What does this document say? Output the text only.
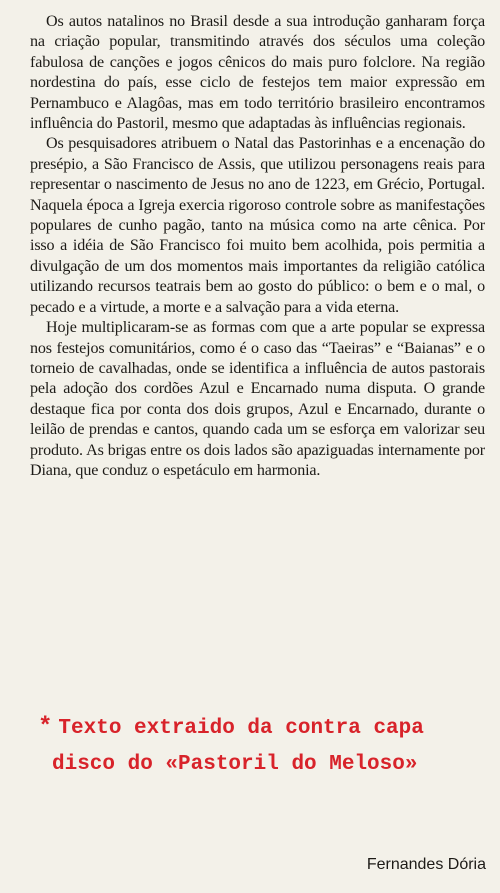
Os autos natalinos no Brasil desde a sua introdução ganharam força na criação popular, transmitindo através dos séculos uma coleção fabulosa de canções e jogos cênicos do mais puro folclore. Na região nordestina do país, esse ciclo de festejos tem maior expressão em Pernambuco e Alagôas, mas em todo território brasileiro encontramos influência do Pastoril, mesmo que adaptadas às influências regionais.

Os pesquisadores atribuem o Natal das Pastorinhas e a encenação do presépio, a São Francisco de Assis, que utilizou personagens reais para representar o nascimento de Jesus no ano de 1223, em Grécio, Portugal. Naquela época a Igreja exercia rigoroso controle sobre as manifestações populares de cunho pagão, tanto na música como na arte cênica. Por isso a idéia de São Francisco foi muito bem acolhida, pois permitia a divulgação de um dos momentos mais importantes da religião católica utilizando recursos teatrais bem ao gosto do público: o bem e o mal, o pecado e a virtude, a morte e a salvação para a vida eterna.

Hoje multiplicaram-se as formas com que a arte popular se expressa nos festejos comunitários, como é o caso das “Taeiras” e “Baianas” e o torneio de cavalhadas, onde se identifica a influência de autos pastorais pela adoção dos cordões Azul e Encarnado numa disputa. O grande destaque fica por conta dos dois grupos, Azul e Encarnado, durante o leilão de prendas e cantos, quando cada um se esforça em valorizar seu produto. As brigas entre os dois lados são apaziguadas internamente por Diana, que conduz o espetáculo em harmonia.

* Texto extraido da contra capa
disco do «Pastoril do Meloso»
Fernandes Dória
